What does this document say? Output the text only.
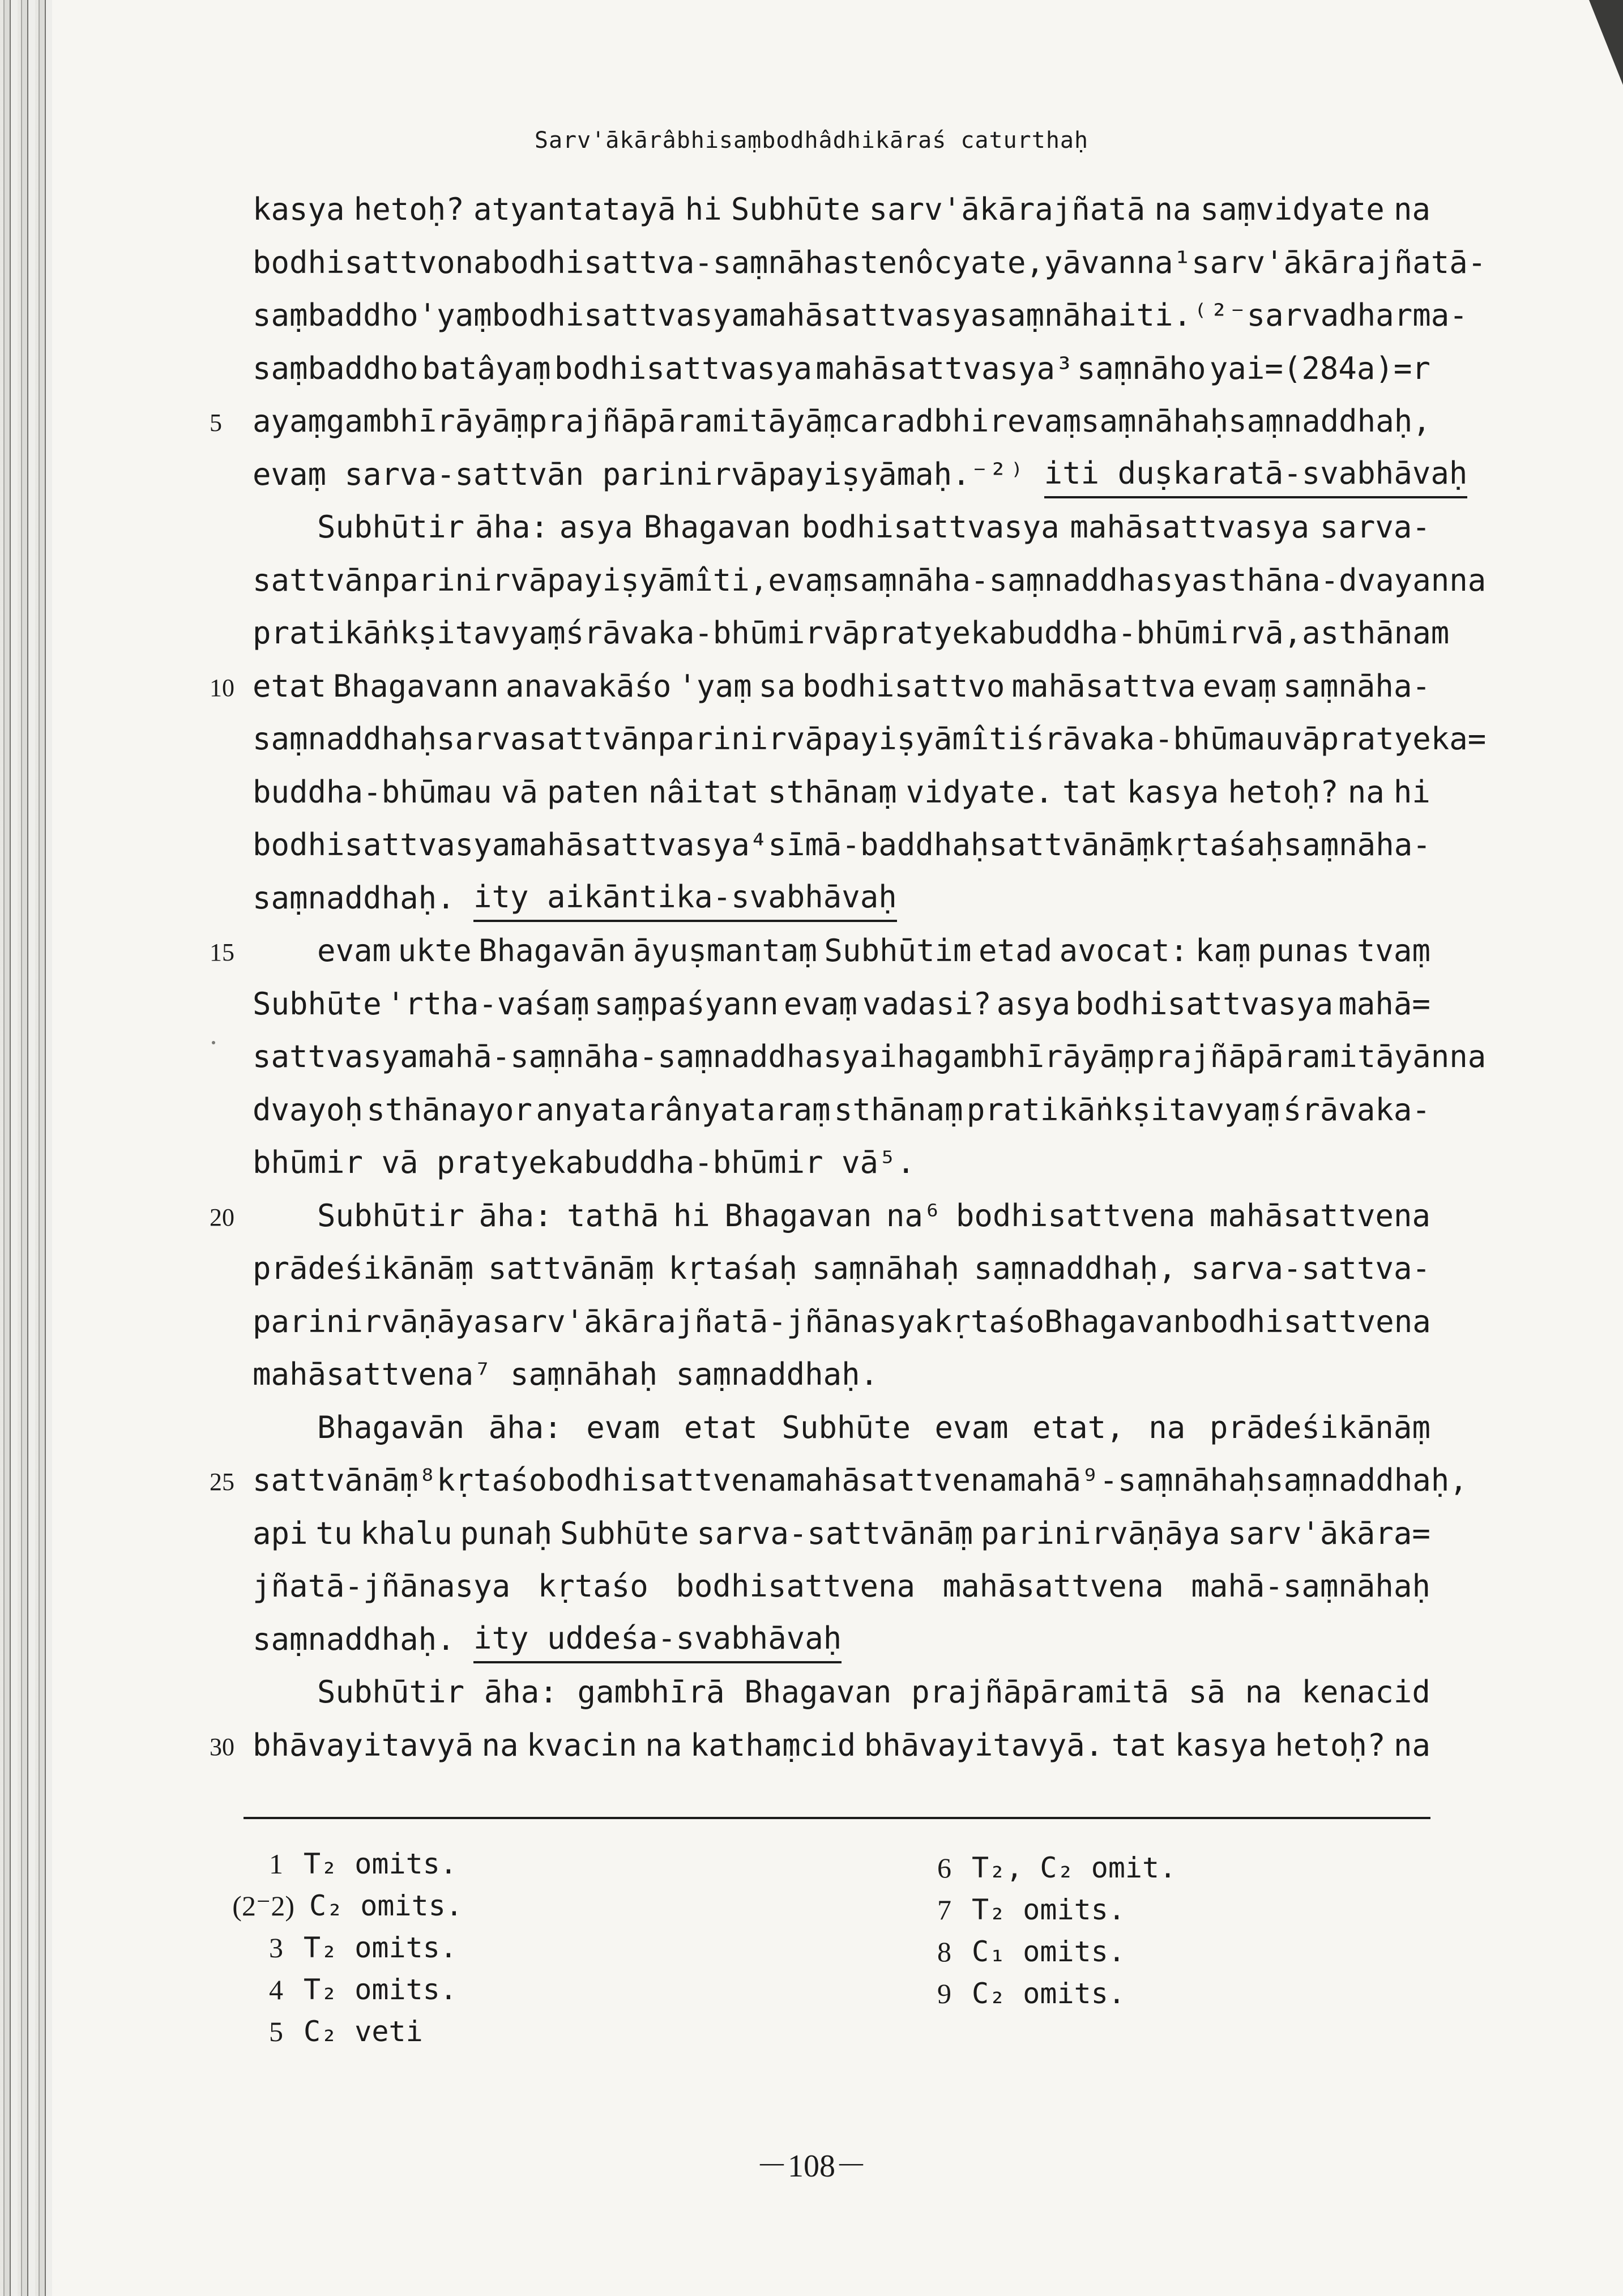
Sarv'ākārâbhisaṃbodhâdhikāraś caturthaḥ
kasya hetoḥ? atyantatayā hi Subhūte sarv'ākārajñatā na saṃvidyate na
bodhisattvo na bodhisattva-saṃnāhas tenôcyate, yāvan na¹ sarv'ākārajñatā-
saṃbaddho 'yaṃ bodhisattvasya mahāsattvasya saṃnāha iti. ⁽²⁻sarvadharma-
saṃbaddho batâyaṃ bodhisattvasya mahāsattvasya³ saṃnāho yai=(284a)=r
5	ayaṃ gambhīrāyāṃ prajñāpāramitāyāṃ caradbhir evaṃ saṃnāhaḥ saṃnaddhaḥ,
evaṃ sarva-sattvān parinirvāpayiṣyāmaḥ.⁻²⁾ iti duṣkaratā-svabhāvaḥ
Subhūtir āha: asya Bhagavan bodhisattvasya mahāsattvasya sarva-
sattvān parinirvāpayiṣyāmîti, evaṃ saṃnāha-saṃnaddhasya sthāna-dvayan na
pratikāṅkṣitavyaṃ śrāvaka-bhūmir vā pratyekabuddha-bhūmir vā, asthānam
10 etat Bhagavann anavakāśo 'yaṃ sa bodhisattvo mahāsattva evaṃ saṃnāha-
saṃnaddhaḥ sarvasattvān parinirvāpayiṣyāmîti śrāvaka-bhūmau vā pratyeka=
buddha-bhūmau vā paten nâitat sthānaṃ vidyate. tat kasya hetoḥ? na hi
bodhisattvasya mahāsattvasya⁴ sīmā-baddhaḥ sattvānāṃ kṛtaśaḥ saṃnāha-
saṃnaddhaḥ. ity aikāntika-svabhāvaḥ
15	evam ukte Bhagavān āyuṣmantaṃ Subhūtim etad avocat: kaṃ punas tvaṃ
Subhūte 'rtha-vaśaṃ saṃpaśyann evaṃ vadasi? asya bodhisattvasya mahā=
sattvasya mahā-saṃnāha-saṃnaddhasya iha gambhīrāyāṃ prajñāpāramitāyān na
dvayoḥ sthānayor anyatarânyataraṃ sthānaṃ pratikāṅkṣitavyaṃ śrāvaka-
bhūmir vā pratyekabuddha-bhūmir vā⁵.
20	Subhūtir āha: tathā hi Bhagavan na⁶ bodhisattvena mahāsattvena
prādeśikānāṃ sattvānāṃ kṛtaśaḥ saṃnāhaḥ saṃnaddhaḥ, sarva-sattva-
parinirvāṇāya sarv'ākārajñatā-jñānasya kṛtaśo Bhagavan bodhisattvena
mahāsattvena⁷ saṃnāhaḥ saṃnaddhaḥ.
Bhagavān āha: evam etat Subhūte evam etat, na prādeśikānāṃ
25 sattvānāṃ⁸ kṛtaśo bodhisattvena mahāsattvena mahā⁹-saṃnāhaḥ saṃnaddhaḥ,
api tu khalu punaḥ Subhūte sarva-sattvānāṃ parinirvāṇāya sarv'ākāra=
jñatā-jñānasya kṛtaśo bodhisattvena mahāsattvena mahā-saṃnāhaḥ
saṃnaddhaḥ. ity uddeśa-svabhāvaḥ
Subhūtir āha: gambhīrā Bhagavan prajñāpāramitā sā na kenacid
30 bhāvayitavyā na kvacin na kathaṃcid bhāvayitavyā. tat kasya hetoḥ? na
1 T₂ omits.
(2⁻2) C₂ omits.
3 T₂ omits.
4 T₂ omits.
5 C₂ veti
6 T₂, C₂ omit.
7 T₂ omits.
8 C₁ omits.
9 C₂ omits.
－108－
